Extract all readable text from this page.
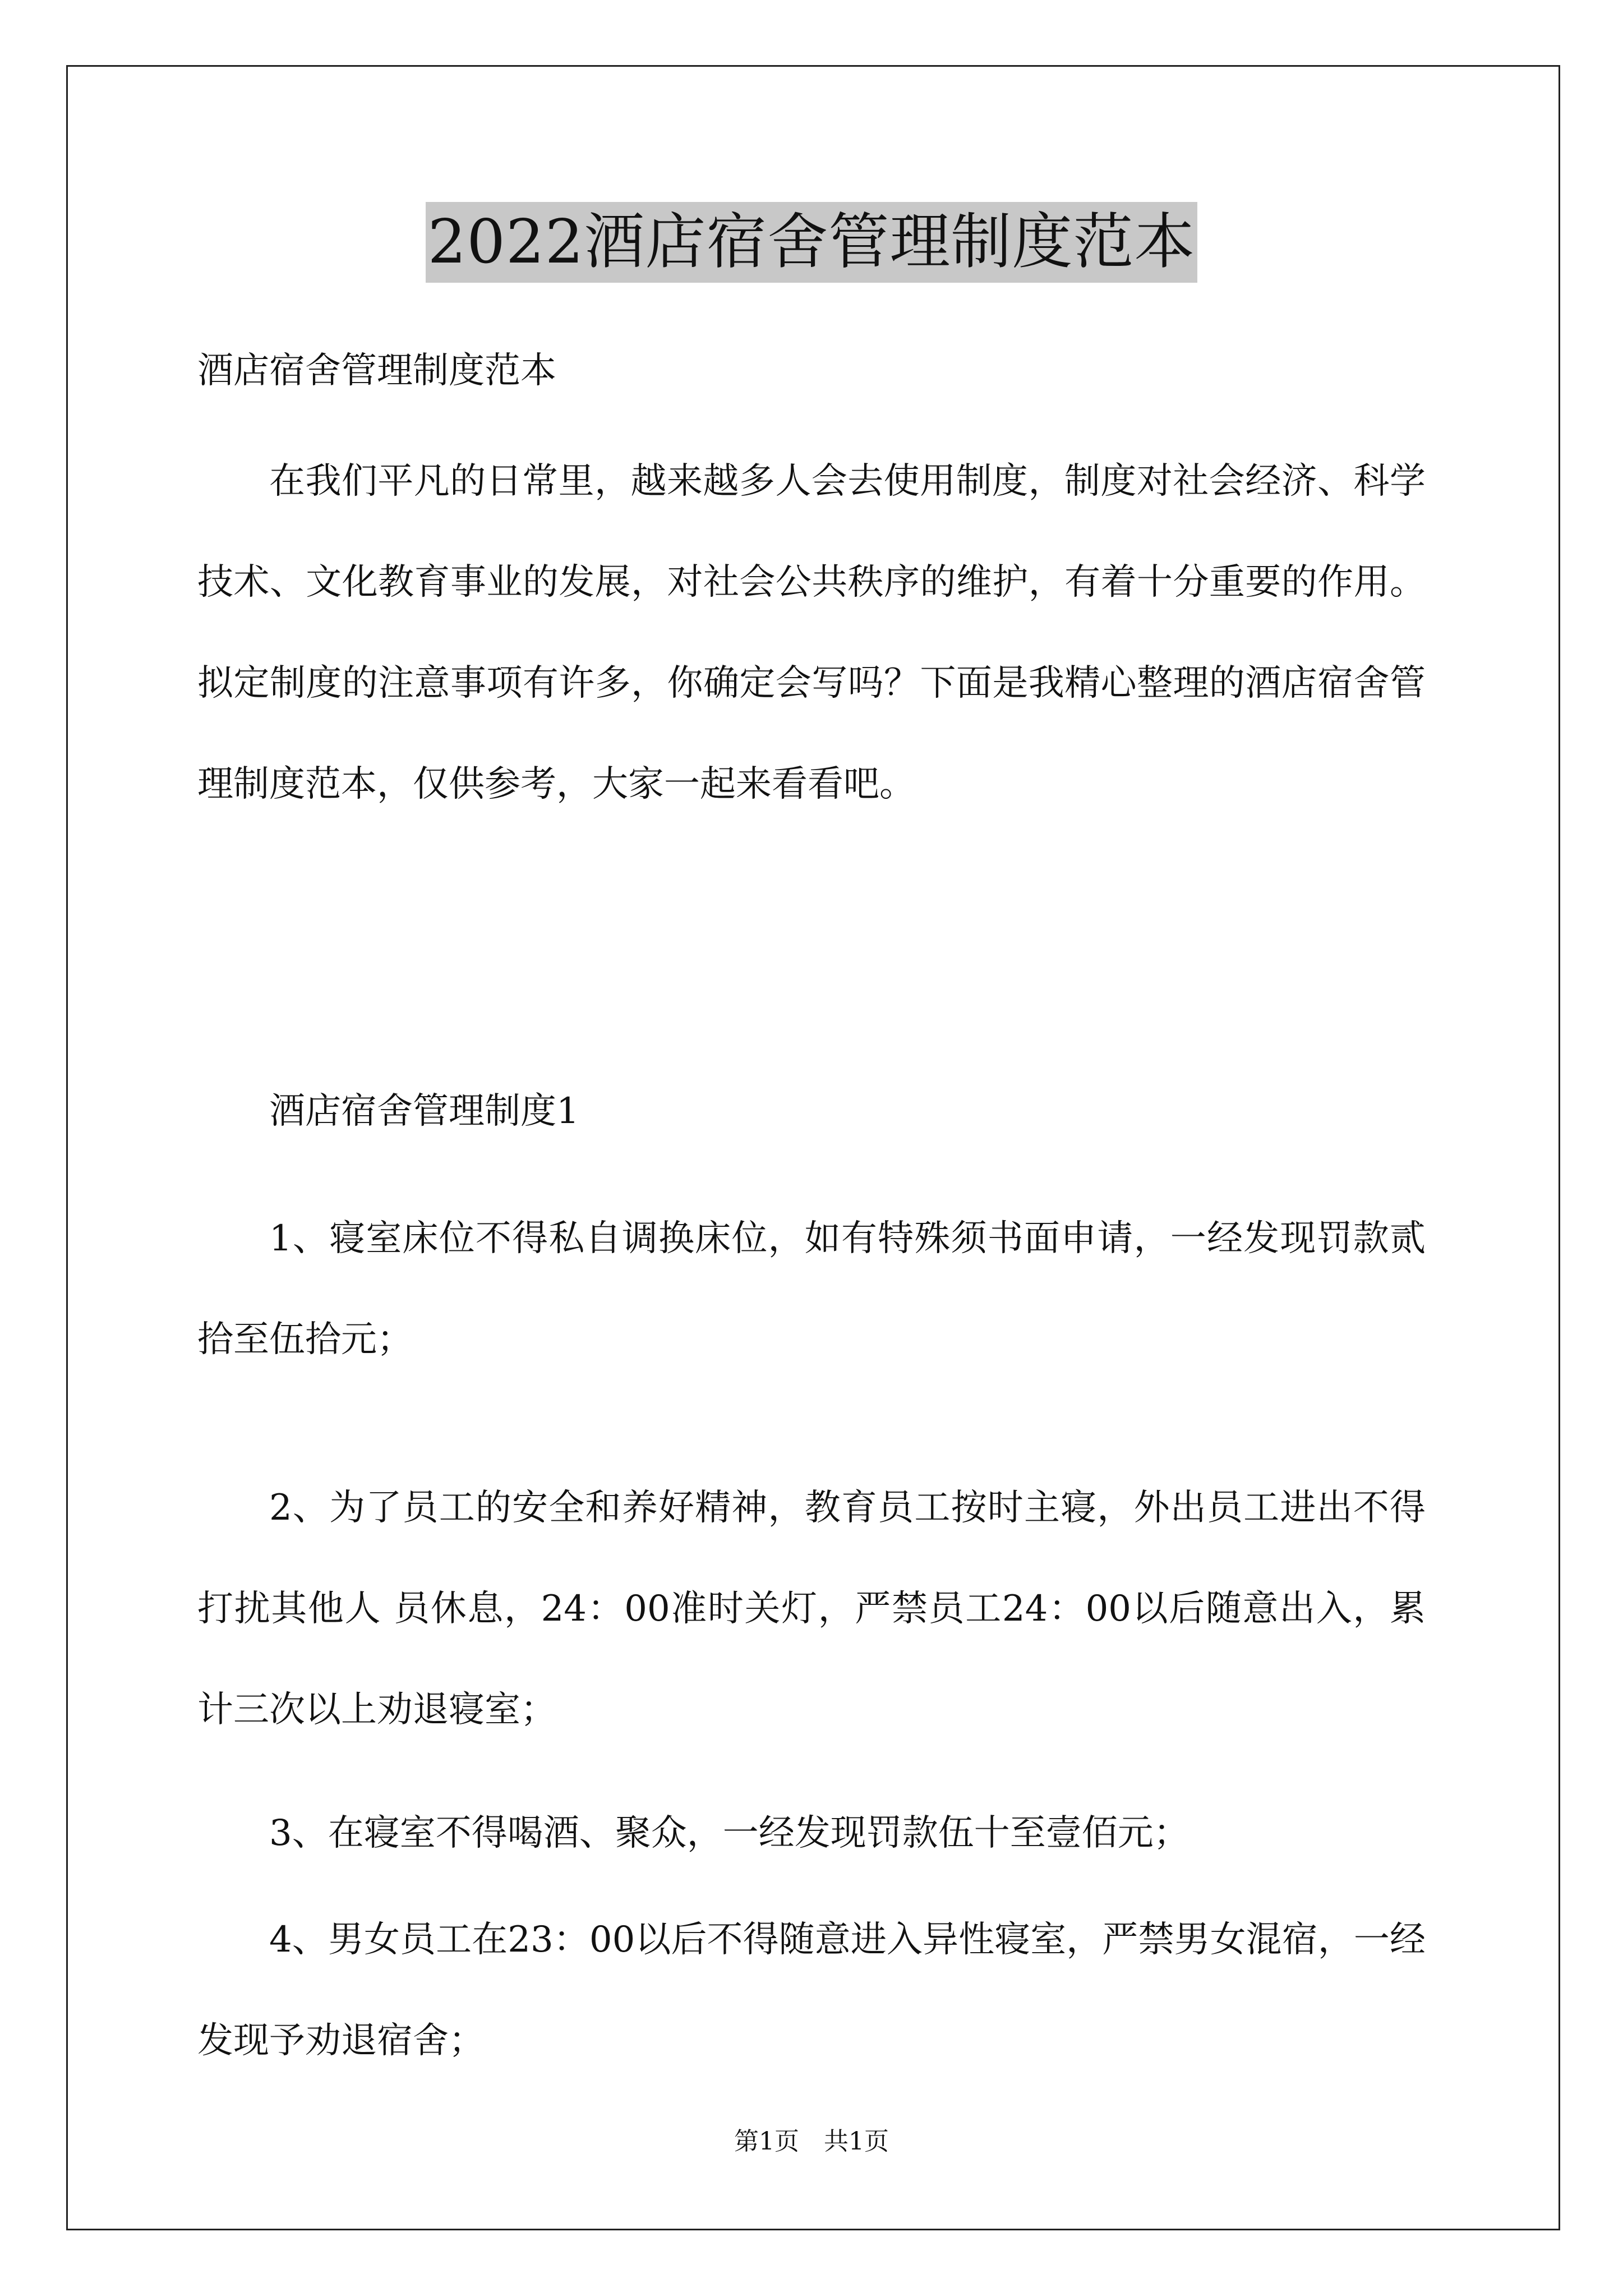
2022酒店宿舍管理制度范本

酒店宿舍管理制度范本

在我们平凡的日常里，越来越多人会去使用制度，制度对社会经济、科学技术、文化教育事业的发展，对社会公共秩序的维护，有着十分重要的作用。拟定制度的注意事项有许多，你确定会写吗？下面是我精心整理的酒店宿舍管理制度范本，仅供参考，大家一起来看看吧。

酒店宿舍管理制度1

1、寝室床位不得私自调换床位，如有特殊须书面申请，一经发现罚款贰拾至伍拾元；

2、为了员工的安全和养好精神，教育员工按时主寝，外出员工进出不得打扰其他人 员休息，24：00准时关灯，严禁员工24：00以后随意出入，累计三次以上劝退寝室；

3、在寝室不得喝酒、聚众，一经发现罚款伍十至壹佰元；

4、男女员工在23：00以后不得随意进入异性寝室，严禁男女混宿，一经发现予劝退宿舍；

第1页　共1页
